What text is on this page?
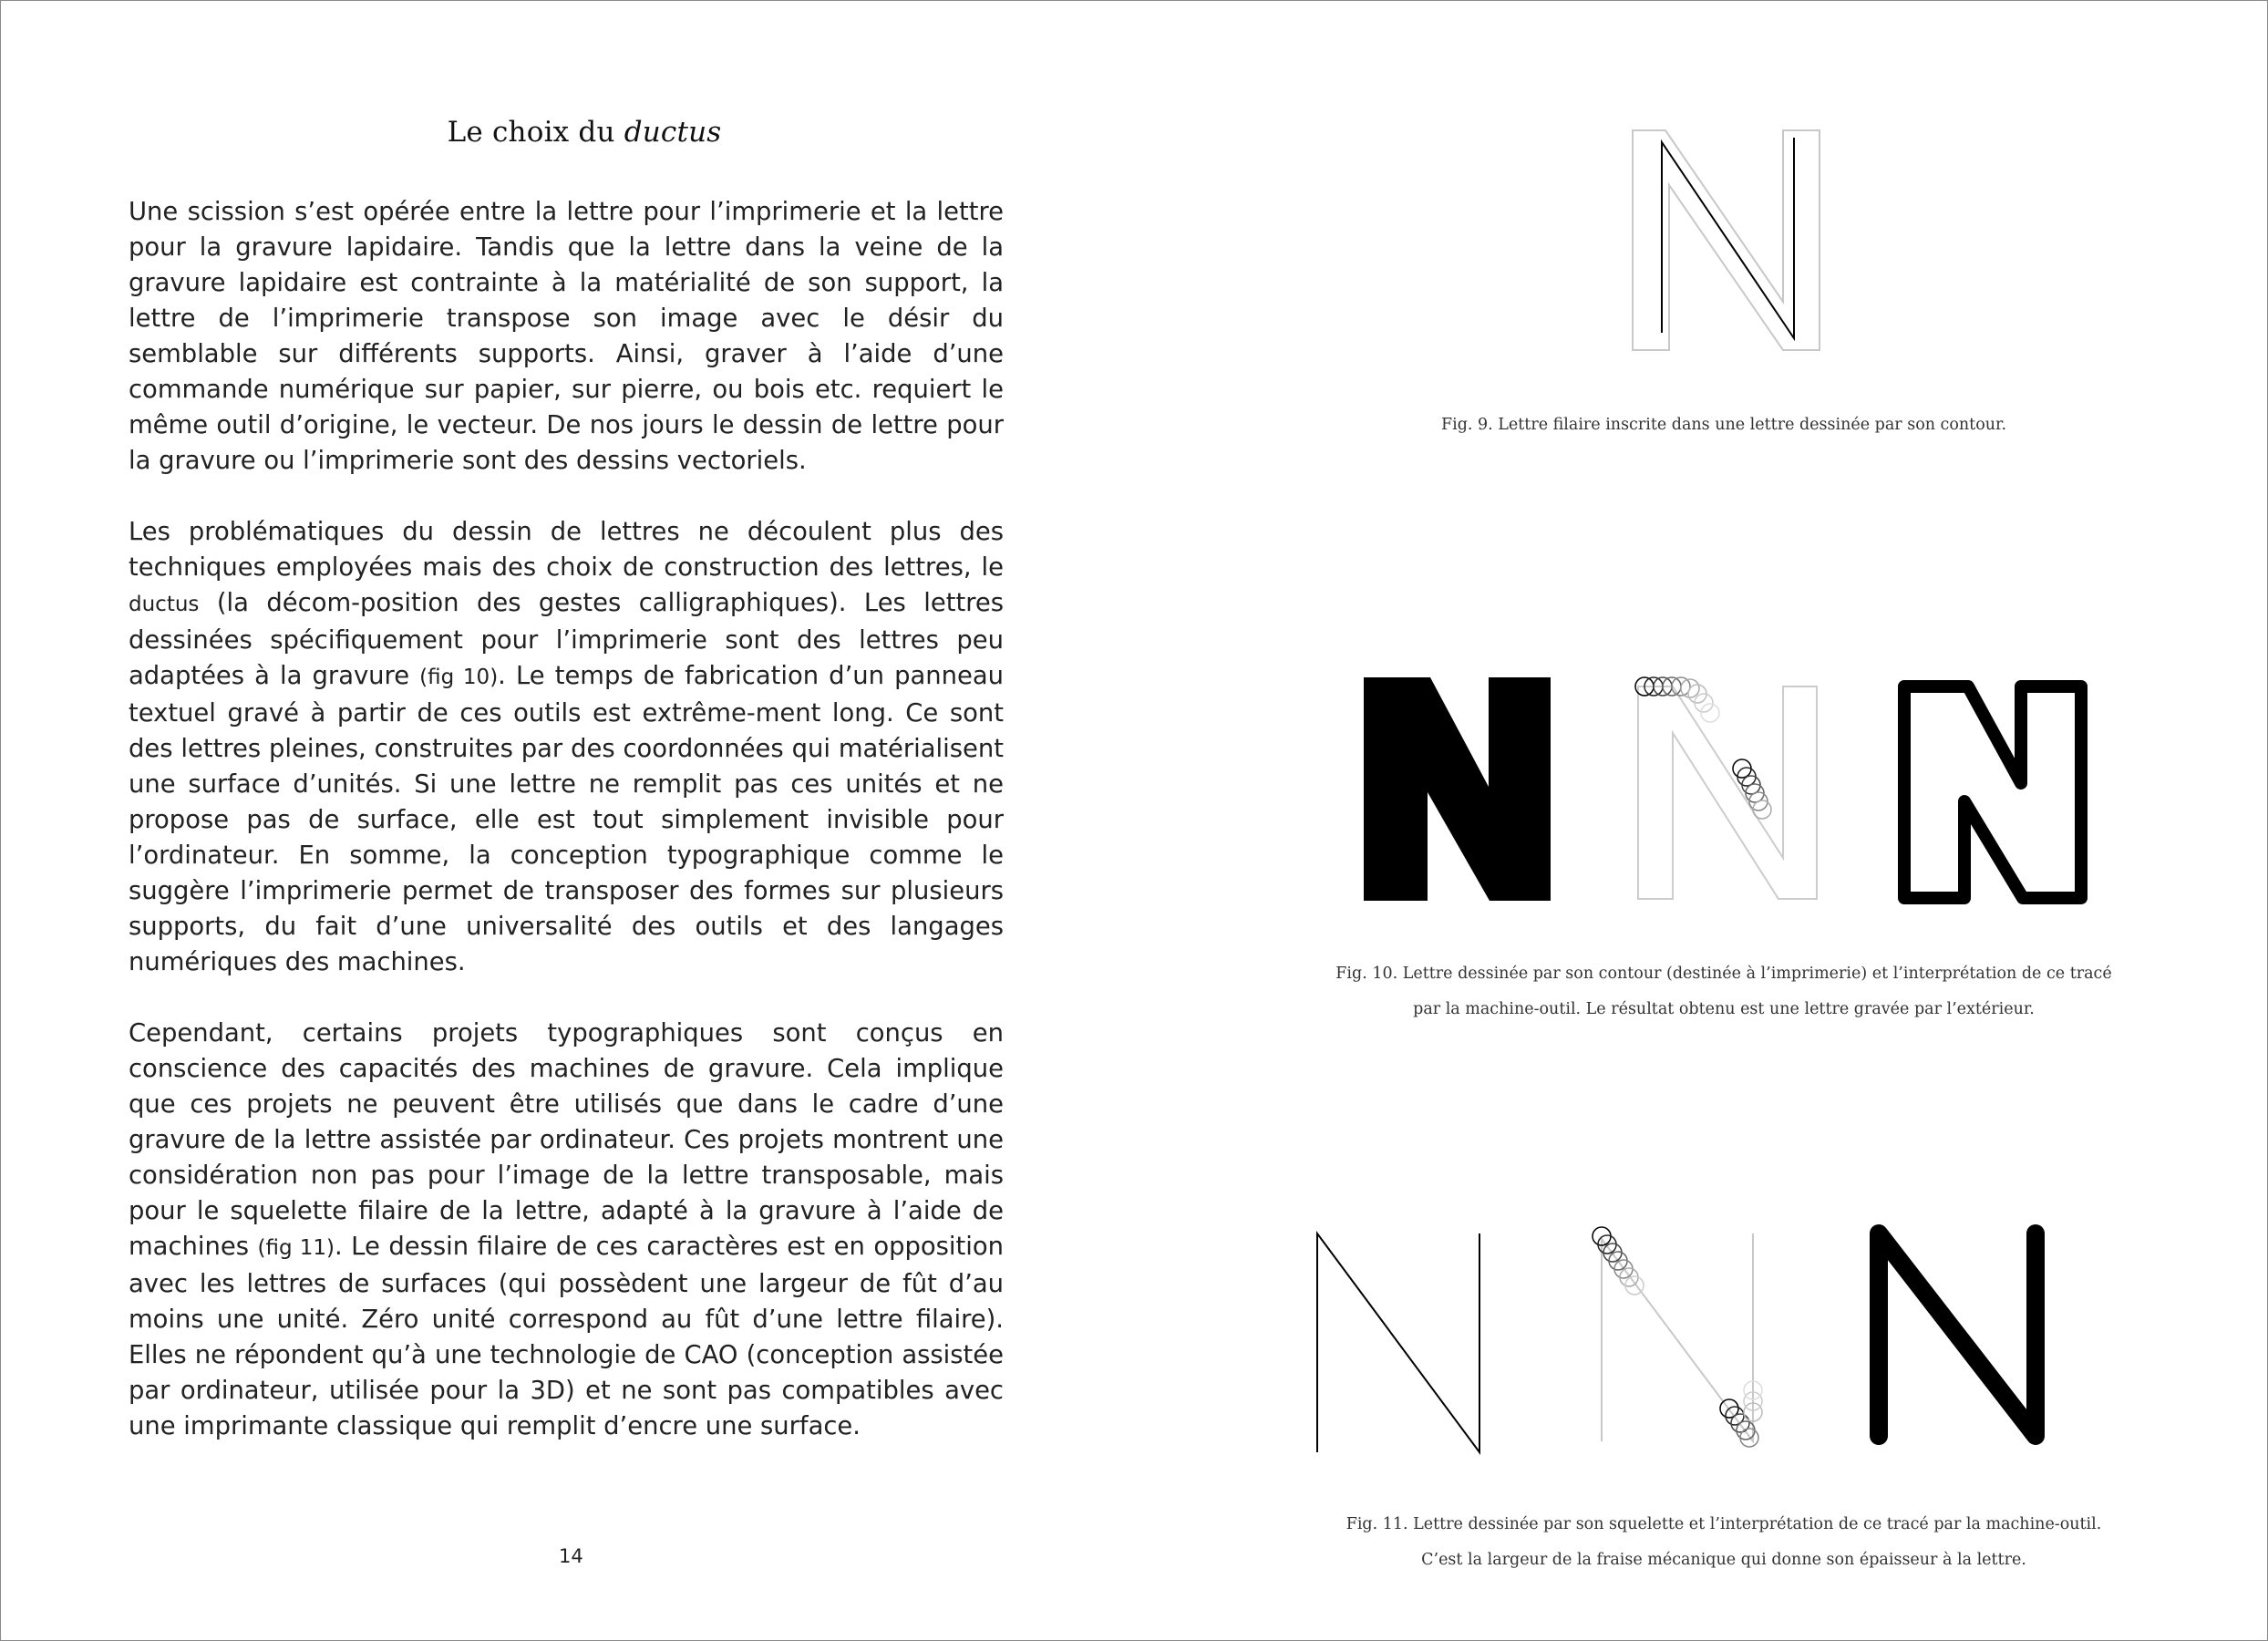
Le choix du ductus

Une scission s’est opérée entre la lettre pour l’imprimerie et la lettre pour la gravure lapidaire. Tandis que la lettre dans la veine de la gravure lapidaire est contrainte à la matérialité de son support, la lettre de l’imprimerie transpose son image avec le désir du semblable sur différents supports. Ainsi, graver à l’aide d’une commande numérique sur papier, sur pierre, ou bois etc. requiert le même outil d’origine, le vecteur. De nos jours le dessin de lettre pour la gravure ou l’imprimerie sont des dessins vectoriels.

Les problématiques du dessin de lettres ne découlent plus des techniques employées mais des choix de construction des lettres, le ductus (la décom-position des gestes calligraphiques). Les lettres dessinées spécifiquement pour l’imprimerie sont des lettres peu adaptées à la gravure (fig 10). Le temps de fabrication d’un panneau textuel gravé à partir de ces outils est extrême-ment long. Ce sont des lettres pleines, construites par des coordonnées qui matérialisent une surface d’unités. Si une lettre ne remplit pas ces unités et ne propose pas de surface, elle est tout simplement invisible pour l’ordinateur. En somme, la conception typographique comme le suggère l’imprimerie permet de transposer des formes sur plusieurs supports, du fait d’une universalité des outils et des langages numériques des machines.

Cependant, certains projets typographiques sont conçus en conscience des capacités des machines de gravure. Cela implique que ces projets ne peuvent être utilisés que dans le cadre d’une gravure de la lettre assistée par ordinateur. Ces projets montrent une considération non pas pour l’image de la lettre transposable, mais pour le squelette filaire de la lettre, adapté à la gravure à l’aide de machines (fig 11). Le dessin filaire de ces caractères est en opposition avec les lettres de surfaces (qui possèdent une largeur de fût d’au moins une unité. Zéro unité correspond au fût d’une lettre filaire). Elles ne répondent qu’à une technologie de CAO (conception assistée par ordinateur, utilisée pour la 3D) et ne sont pas compatibles avec une imprimante classique qui remplit d’encre une surface.

14
Fig. 9. Lettre filaire inscrite dans une lettre dessinée par son contour.
Fig. 10. Lettre dessinée par son contour (destinée à l’imprimerie) et l’interprétation de ce tracé
par la machine-outil. Le résultat obtenu est une lettre gravée par l’extérieur.
Fig. 11. Lettre dessinée par son squelette et l’interprétation de ce tracé par la machine-outil.
C’est la largeur de la fraise mécanique qui donne son épaisseur à la lettre.
